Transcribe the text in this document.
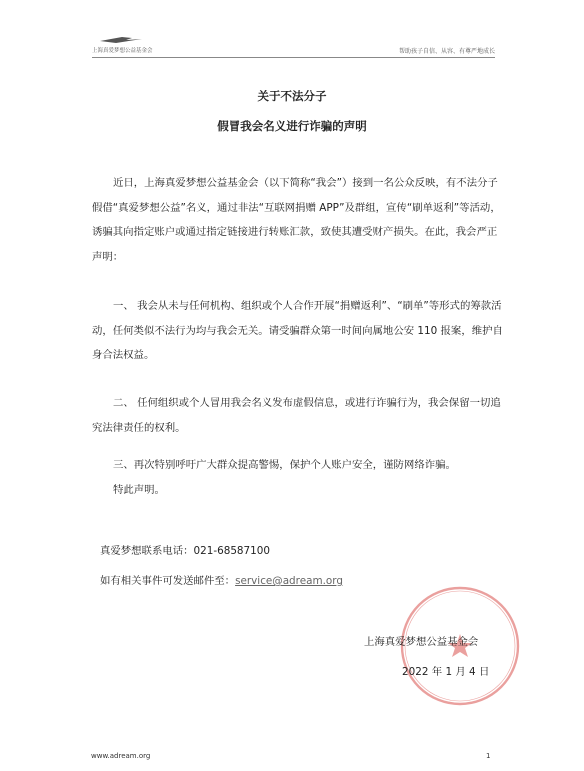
上海真爱梦想公益基金会	帮助孩子自信、从容、有尊严地成长
关于不法分子
假冒我会名义进行诈骗的声明

近日，上海真爱梦想公益基金会（以下简称“我会”）接到一名公众反映，有不法分子假借“真爱梦想公益”名义，通过非法“互联网捐赠 APP”及群组，宣传“刷单返利”等活动，诱骗其向指定账户或通过指定链接进行转账汇款，致使其遭受财产损失。在此，我会严正声明：

一、 我会从未与任何机构、组织或个人合作开展“捐赠返利”、“刷单”等形式的筹款活动，任何类似不法行为均与我会无关。请受骗群众第一时间向属地公安 110 报案，维护自身合法权益。

二、 任何组织或个人冒用我会名义发布虚假信息，或进行诈骗行为，我会保留一切追究法律责任的权利。

三、再次特别呼吁广大群众提高警惕，保护个人账户安全，谨防网络诈骗。

特此声明。

真爱梦想联系电话：021-68587100
如有相关事件可发送邮件至：service@adream.org
上海真爱梦想公益基金会
2022 年 1 月 4 日
www.adream.org	1
